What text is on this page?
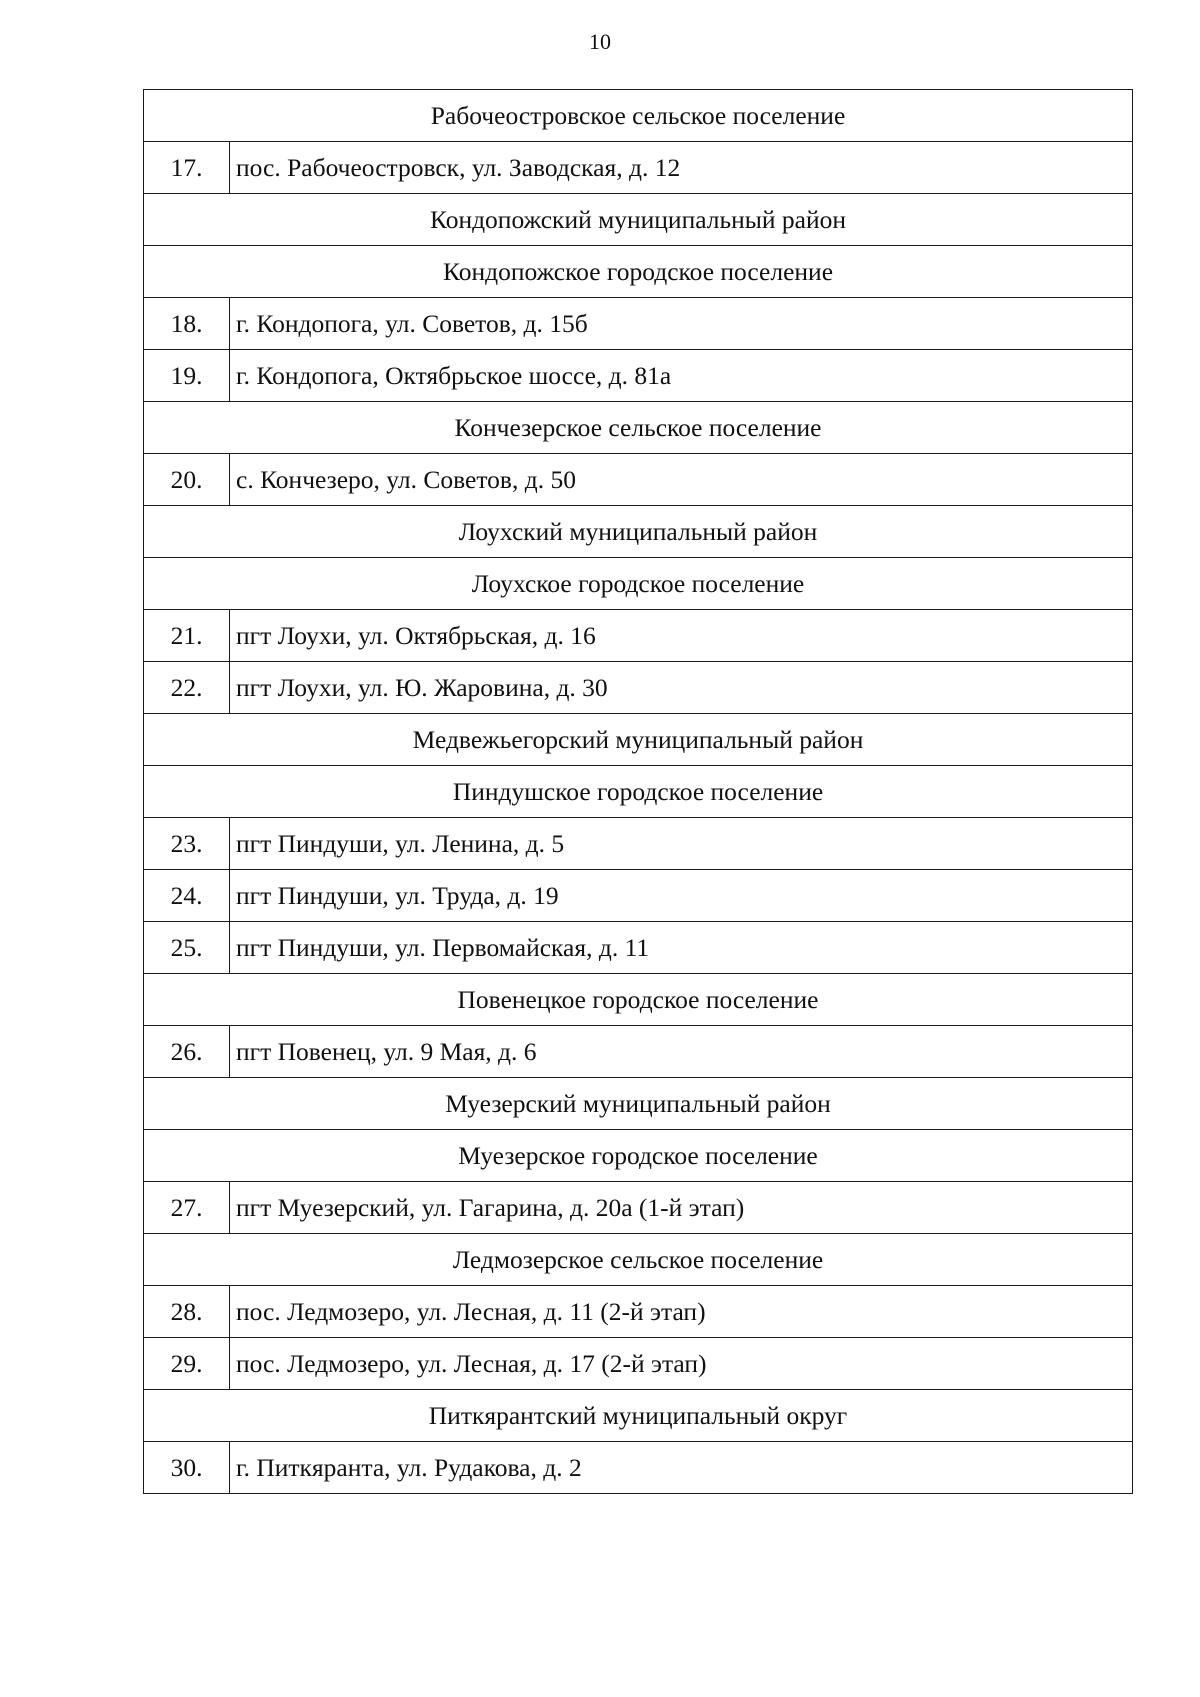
10
Рабочеостровское сельское поселение	
17.	пос. Рабочеостровск, ул. Заводская, д. 12
Кондопожский муниципальный район	
Кондопожское городское поселение	
18.	г. Кондопога, ул. Советов, д. 15б
19.	г. Кондопога, Октябрьское шоссе, д. 81а
Кончезерское сельское поселение	
20.	с. Кончезеро, ул. Советов, д. 50
Лоухский муниципальный район	
Лоухское городское поселение	
21.	пгт Лоухи, ул. Октябрьская, д. 16
22.	пгт Лоухи, ул. Ю. Жаровина, д. 30
Медвежьегорский муниципальный район	
Пиндушское городское поселение	
23.	пгт Пиндуши, ул. Ленина, д. 5
24.	пгт Пиндуши, ул. Труда, д. 19
25.	пгт Пиндуши, ул. Первомайская, д. 11
Повенецкое городское поселение	
26.	пгт Повенец, ул. 9 Мая, д. 6
Муезерский муниципальный район	
Муезерское городское поселение	
27.	пгт Муезерский, ул. Гагарина, д. 20а (1-й этап)
Ледмозерское сельское поселение	
28.	пос. Ледмозеро, ул. Лесная, д. 11 (2-й этап)
29.	пос. Ледмозеро, ул. Лесная, д. 17 (2-й этап)
Питкярантский муниципальный округ	
30.	г. Питкяранта, ул. Рудакова, д. 2
